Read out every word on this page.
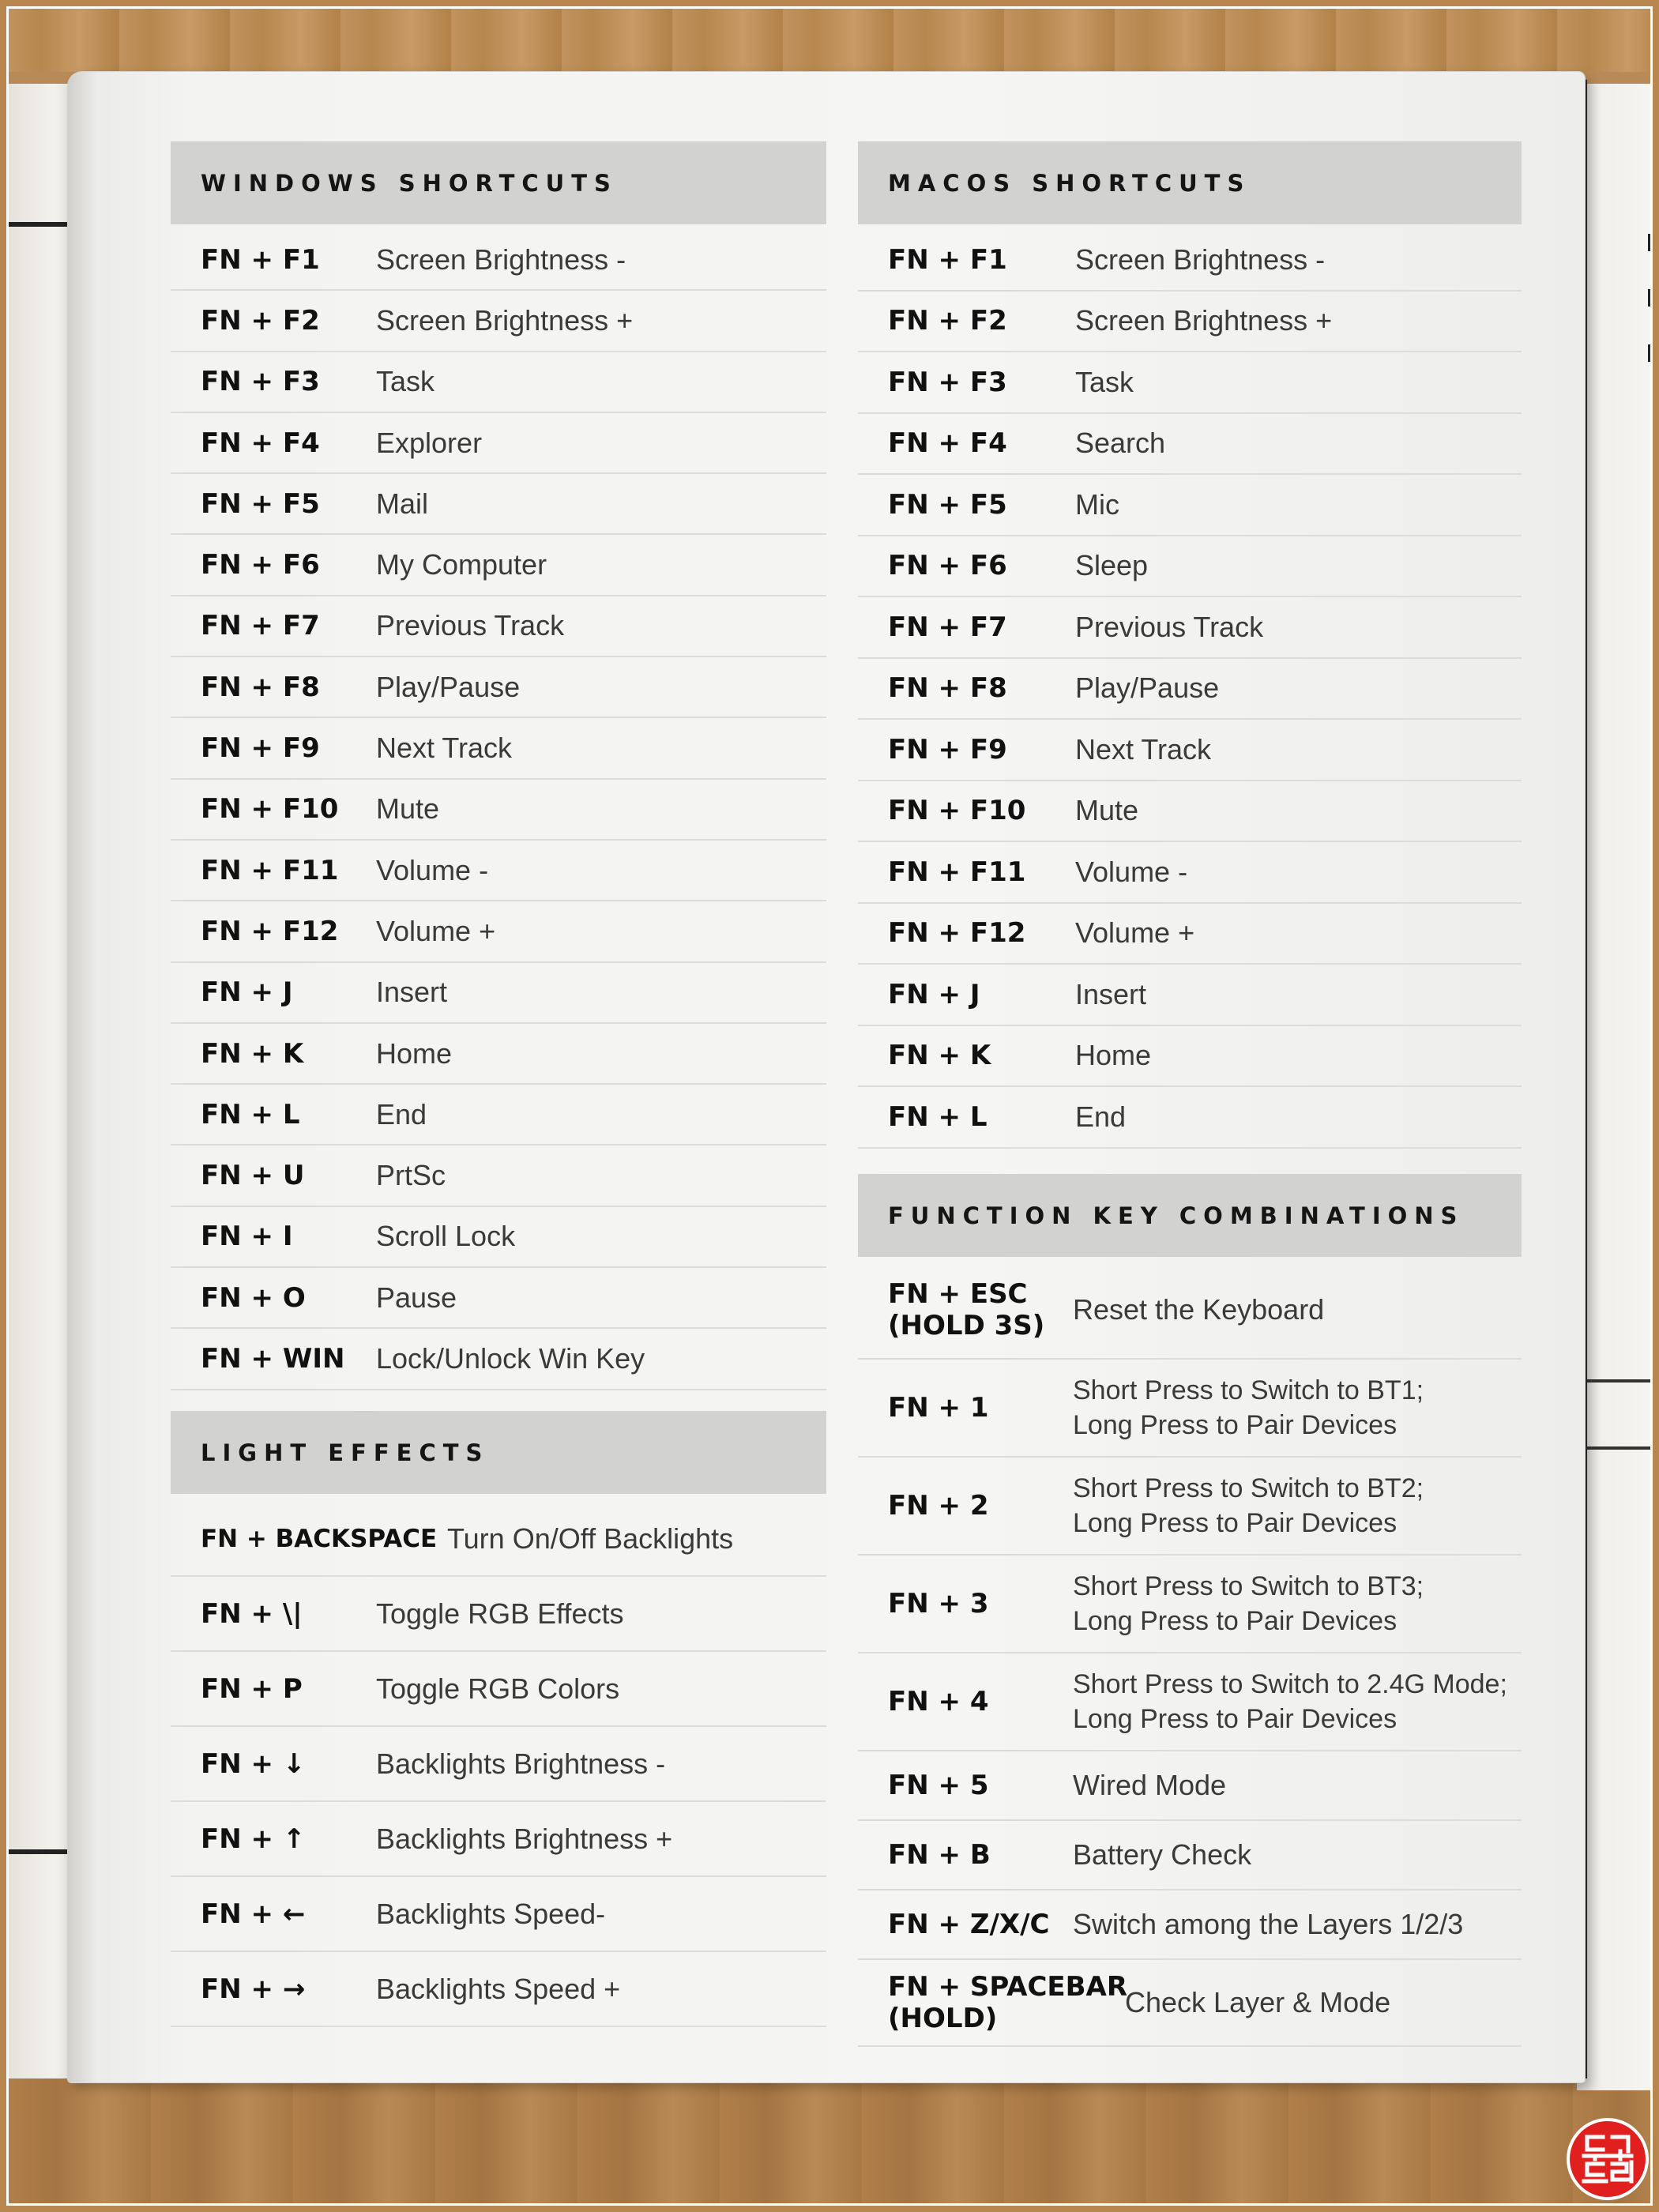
WINDOWS SHORTCUTS
FN + F1 Screen Brightness -
FN + F2 Screen Brightness +
FN + F3 Task
FN + F4 Explorer
FN + F5 Mail
FN + F6 My Computer
FN + F7 Previous Track
FN + F8 Play/Pause
FN + F9 Next Track
FN + F10 Mute
FN + F11 Volume -
FN + F12 Volume +
FN + J	Insert
FN + K	Home
FN + L	End
FN + U	PrtSc
FN + I	Scroll Lock
FN + O Pause
FN + WIN Lock/Unlock Win Key
LIGHT EFFECTS
FN + BACKSPACE Turn On/Off Backlights
FN + \|	Toggle RGB Effects
FN + P	Toggle RGB Colors
FN + ↓ Backlights Brightness -
FN + ↑ Backlights Brightness +
FN + ← Backlights Speed-
FN + → Backlights Speed +
MACOS SHORTCUTS
FN + F1 Screen Brightness -
FN + F2 Screen Brightness +
FN + F3 Task
FN + F4 Search
FN + F5 Mic
FN + F6 Sleep
FN + F7 Previous Track
FN + F8 Play/Pause
FN + F9 Next Track
FN + F10 Mute
FN + F11 Volume -
FN + F12 Volume +
FN + J	Insert
FN + K	Home
FN + L	End
FUNCTION KEY COMBINATIONS
FN + ESC
(HOLD 3S) Reset the Keyboard
FN + 1
Short Press to Switch to BT1;
Long Press to Pair Devices
FN + 2
Short Press to Switch to BT2;
Long Press to Pair Devices
FN + 3
Short Press to Switch to BT3;
Long Press to Pair Devices
FN + 4
Short Press to Switch to 2.4G Mode;
Long Press to Pair Devices
FN + 5	Wired Mode
FN + B	Battery Check
FN + Z/X/C Switch among the Layers 1/2/3
FN + SPACEBAR
(HOLD)	Check Layer & Mode
